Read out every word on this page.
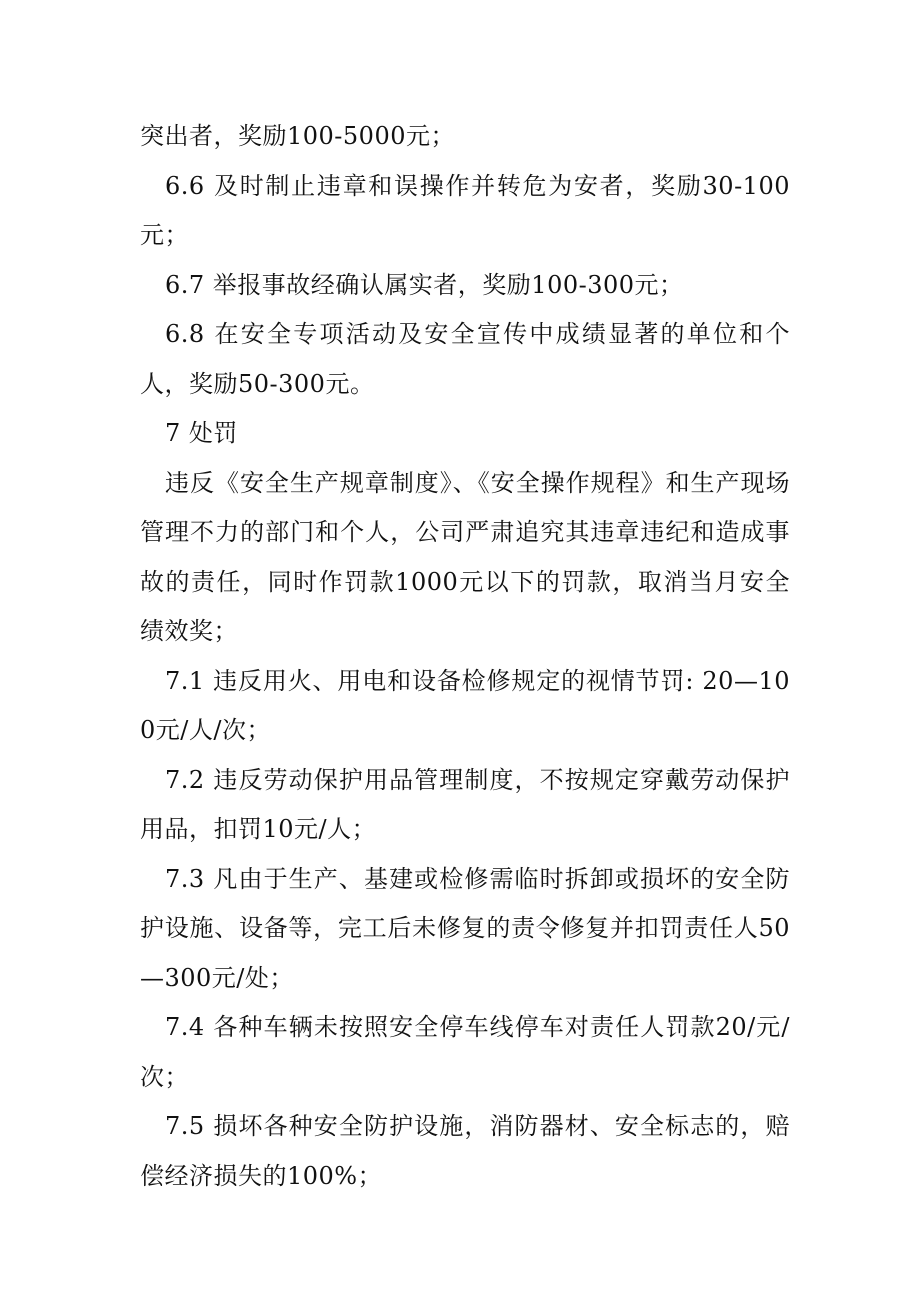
突出者，奖励100-5000元；

6.6 及时制止违章和误操作并转危为安者，奖励30-100元；

6.7 举报事故经确认属实者，奖励100-300元；

6.8 在安全专项活动及安全宣传中成绩显著的单位和个人，奖励50-300元。

7 处罚

违反《安全生产规章制度》、《安全操作规程》和生产现场管理不力的部门和个人，公司严肃追究其违章违纪和造成事故的责任，同时作罚款1000元以下的罚款，取消当月安全绩效奖；

7.1 违反用火、用电和设备检修规定的视情节罚: 20—100元/人/次；

7.2 违反劳动保护用品管理制度，不按规定穿戴劳动保护用品，扣罚10元/人；

7.3 凡由于生产、基建或检修需临时拆卸或损坏的安全防护设施、设备等，完工后未修复的责令修复并扣罚责任人50—300元/处；

7.4 各种车辆未按照安全停车线停车对责任人罚款20/元/次；

7.5 损坏各种安全防护设施，消防器材、安全标志的，赔偿经济损失的100%；
